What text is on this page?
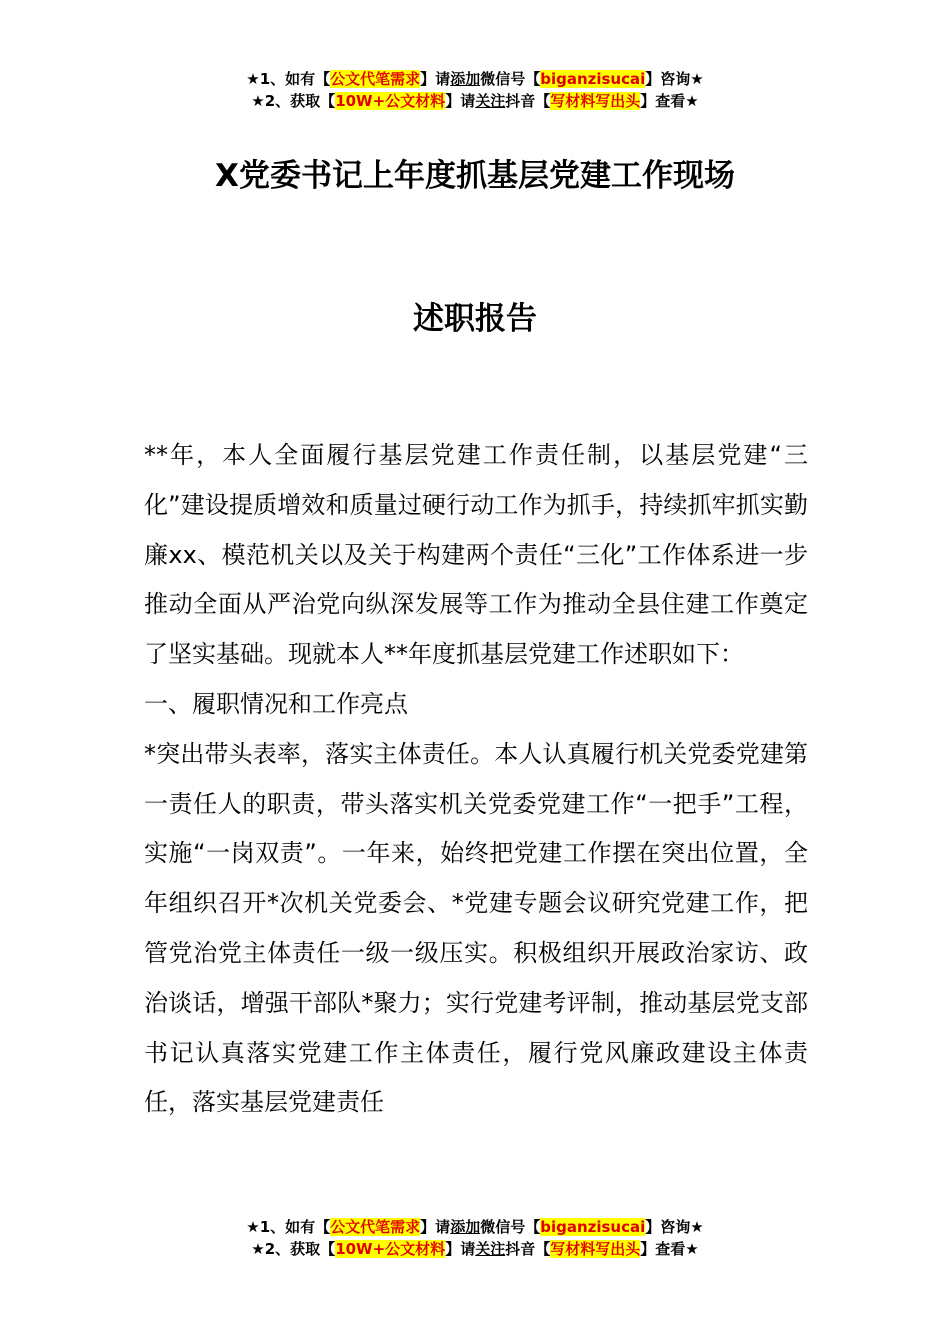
★1、如有【公文代笔需求】请添加微信号【biganzisucai】咨询★
★2、获取【10W+公文材料】请关注抖音【写材料写出头】查看★
X党委书记上年度抓基层党建工作现场
述职报告

**年，本人全面履行基层党建工作责任制，以基层党建“三化”建设提质增效和质量过硬行动工作为抓手，持续抓牢抓实勤廉xx、模范机关以及关于构建两个责任“三化”工作体系进一步推动全面从严治党向纵深发展等工作为推动全县住建工作奠定了坚实基础。现就本人**年度抓基层党建工作述职如下：

一、履职情况和工作亮点

*突出带头表率，落实主体责任。本人认真履行机关党委党建第一责任人的职责，带头落实机关党委党建工作“一把手”工程，实施“一岗双责”。一年来，始终把党建工作摆在突出位置，全年组织召开*次机关党委会、*党建专题会议研究党建工作，把管党治党主体责任一级一级压实。积极组织开展政治家访、政治谈话，增强干部队*聚力；实行党建考评制，推动基层党支部书记认真落实党建工作主体责任，履行党风廉政建设主体责任，落实基层党建责任

★1、如有【公文代笔需求】请添加微信号【biganzisucai】咨询★
★2、获取【10W+公文材料】请关注抖音【写材料写出头】查看★
